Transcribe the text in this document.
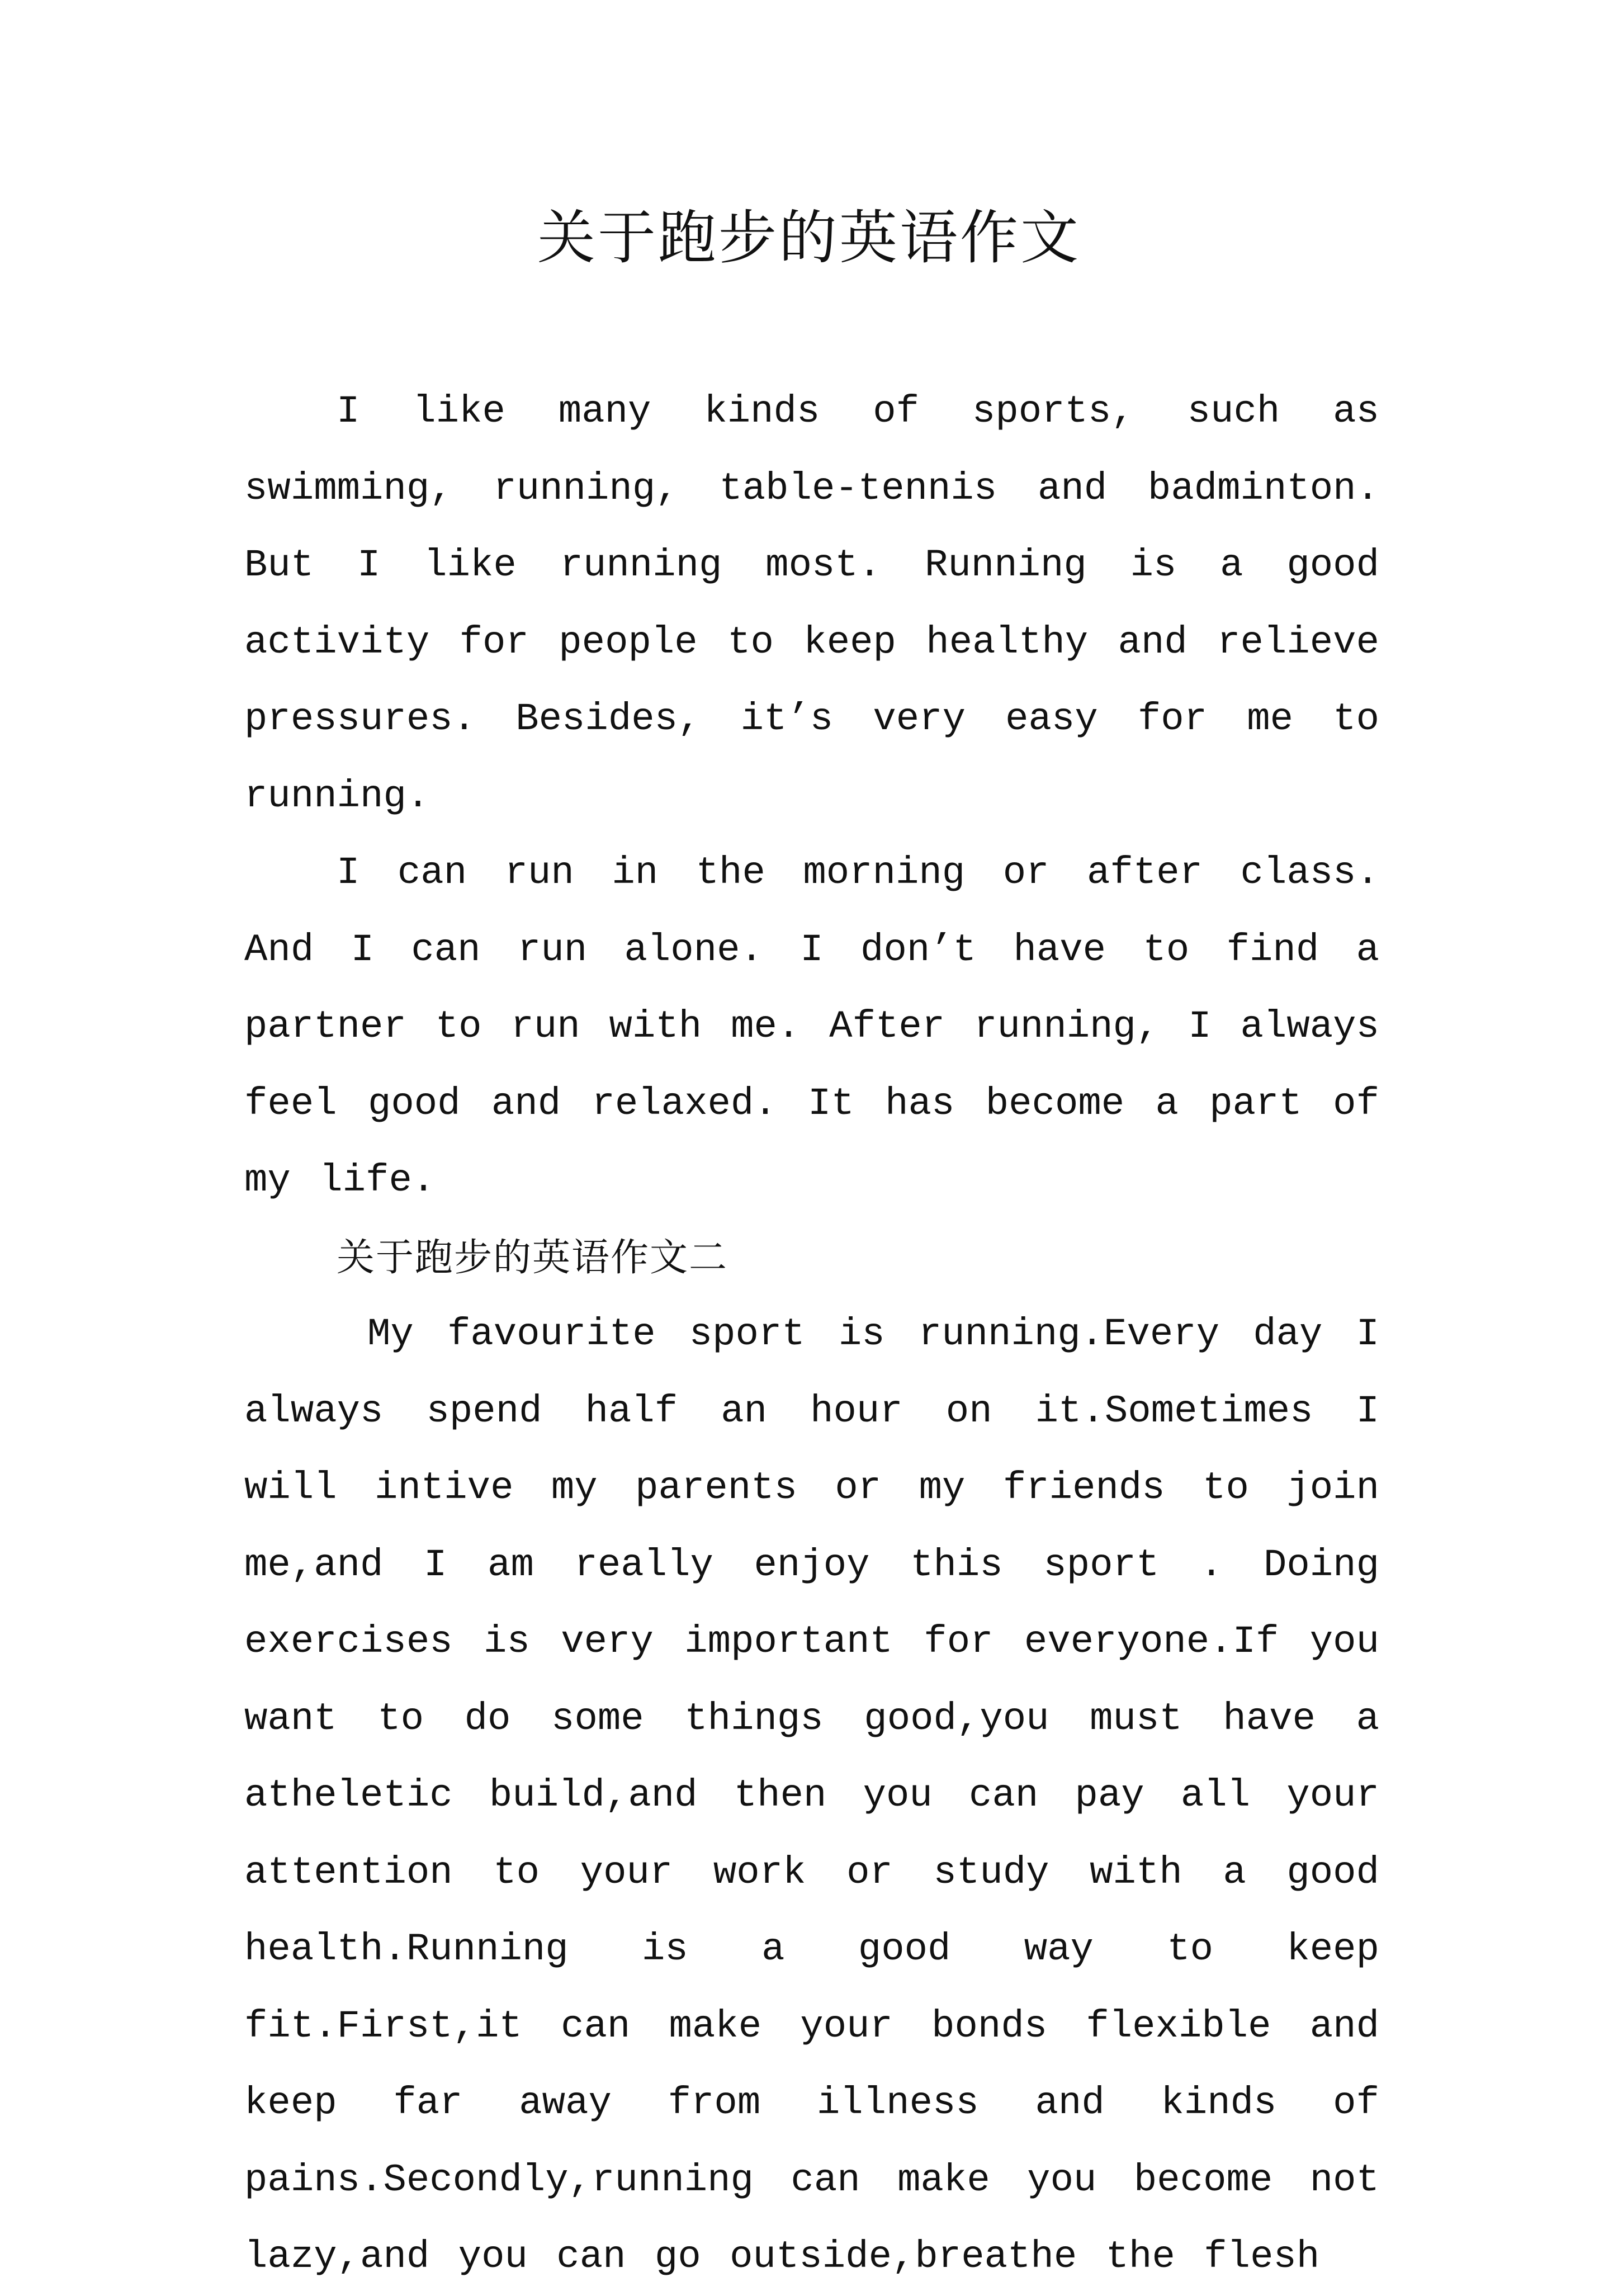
关于跑步的英语作文

I like many kinds of sports, such as swimming, running, table-tennis and badminton. But I like running most. Running is a good activity for people to keep healthy and relieve pressures. Besides, it’s very easy for me to running.

I can run in the morning or after class. And I can run alone. I don’t have to find a partner to run with me. After running, I always feel good and relaxed. It has become a part of my life.

关于跑步的英语作文二

My favourite sport is running.Every day I always spend half an hour on it.Sometimes I will intive my parents or my friends to join me,and I am really enjoy this sport . Doing exercises is very important for everyone.If you want to do some things good,you must have a atheletic build,and then you can pay all your attention to your work or study with a good health.Running is a good way to keep fit.First,it can make your bonds flexible and keep far away from illness and kinds of pains.Secondly,running can make you become not lazy,and you can go outside,breathe the flesh
